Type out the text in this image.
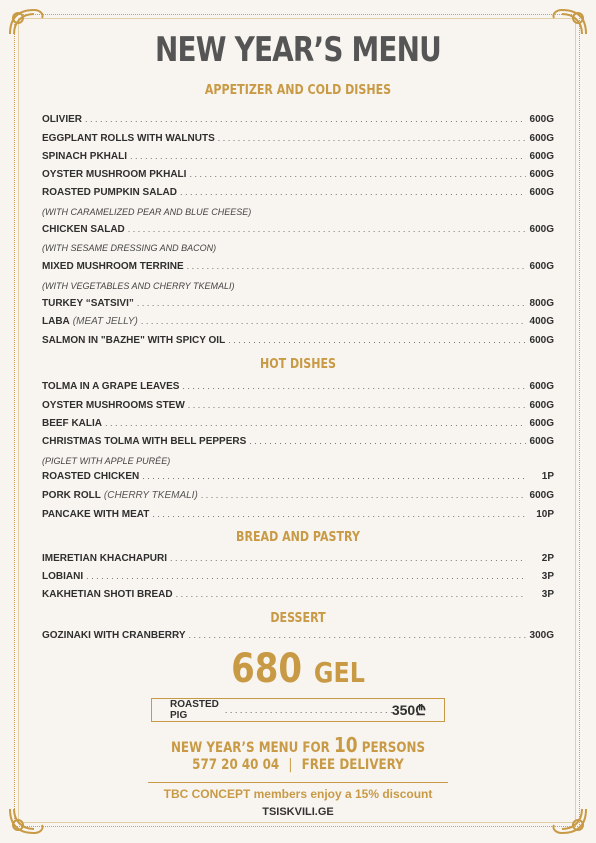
NEW YEAR’S MENU
APPETIZER AND COLD DISHES
OLIVIER . . .	600G
EGGPLANT ROLLS WITH WALNUTS . . .	600G
SPINACH PKHALI . . .	600G
OYSTER MUSHROOM PKHALI . . .	600G
ROASTED PUMPKIN SALAD . . .	600G
(WITH CARAMELIZED PEAR AND BLUE CHEESE)
CHICKEN SALAD . . .	600G
(WITH SESAME DRESSING AND BACON)
MIXED MUSHROOM TERRINE . . .	600G
(WITH VEGETABLES AND CHERRY TKEMALI)
TURKEY “SATSIVI” . . .	800G
LABA (MEAT JELLY) . . .	400G
SALMON IN "BAZHE" WITH SPICY OIL . . .	600G
HOT DISHES
TOLMA IN A GRAPE LEAVES . . .	600G
OYSTER MUSHROOMS STEW . . .	600G
BEEF KALIA . . .	600G
CHRISTMAS TOLMA WITH BELL PEPPERS . . .	600G
(PIGLET WITH APPLE PURÉE)
ROASTED CHICKEN . . .	1P
PORK ROLL (CHERRY TKEMALI) . . .	600G
PANCAKE WITH MEAT . . .	10P
BREAD AND PASTRY
IMERETIAN KHACHAPURI . . .	2P
LOBIANI . . .	3P
KAKHETIAN SHOTI BREAD . . .	3P
DESSERT
GOZINAKI WITH CRANBERRY . . .	300G
680 GEL
ROASTED PIG . . .	350₾
NEW YEAR’S MENU FOR 10 PERSONS
577 20 40 04 | FREE DELIVERY
TBC CONCEPT members enjoy a 15% discount
TSISKVILI.GE
